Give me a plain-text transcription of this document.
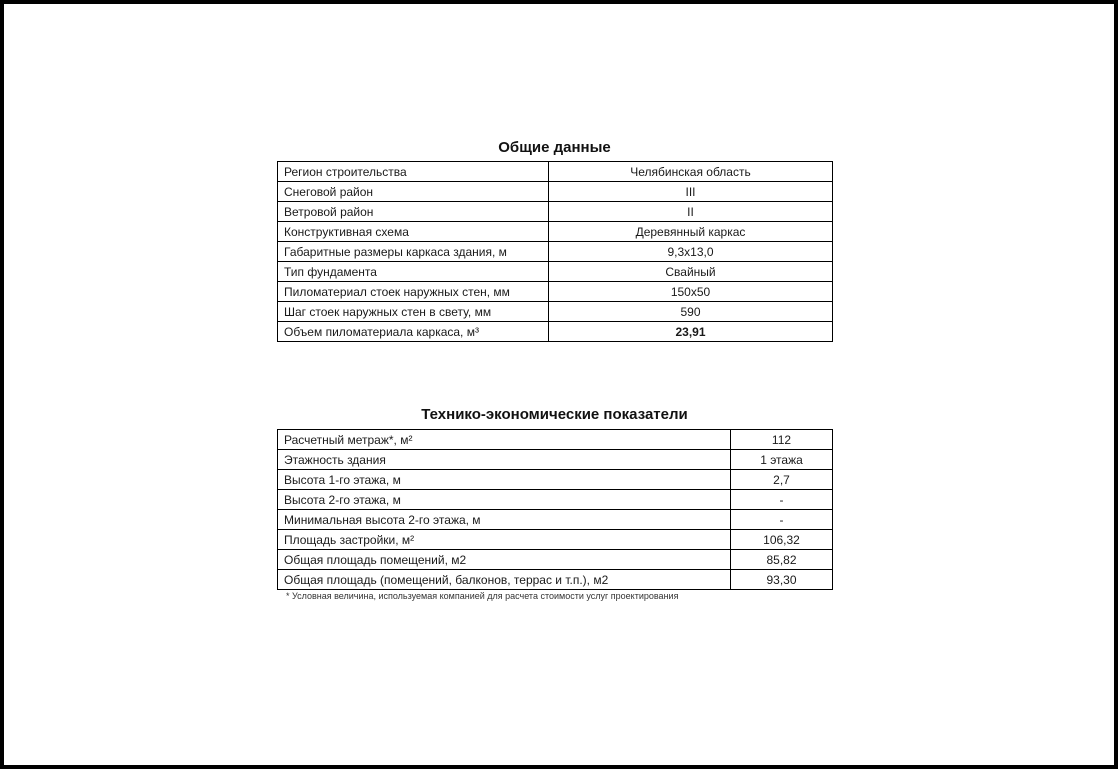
Общие данные
Регион строительства	Челябинская область
Снеговой район	III
Ветровой район	II
Конструктивная схема	Деревянный каркас
Габаритные размеры каркаса здания, м	9,3x13,0
Тип фундамента	Свайный
Пиломатериал стоек наружных стен, мм	150x50
Шаг стоек наружных стен в свету, мм	590
Объем пиломатериала каркаса, м³	23,91
Технико-экономические показатели
Расчетный метраж*, м²	112
Этажность здания	1 этажа
Высота 1-го этажа, м	2,7
Высота 2-го этажа, м	-
Минимальная высота 2-го этажа, м	-
Площадь застройки, м²	106,32
Общая площадь помещений, м2	85,82
Общая площадь (помещений, балконов, террас и т.п.), м2	93,30
* Условная величина, используемая компанией для расчета стоимости услуг проектирования
